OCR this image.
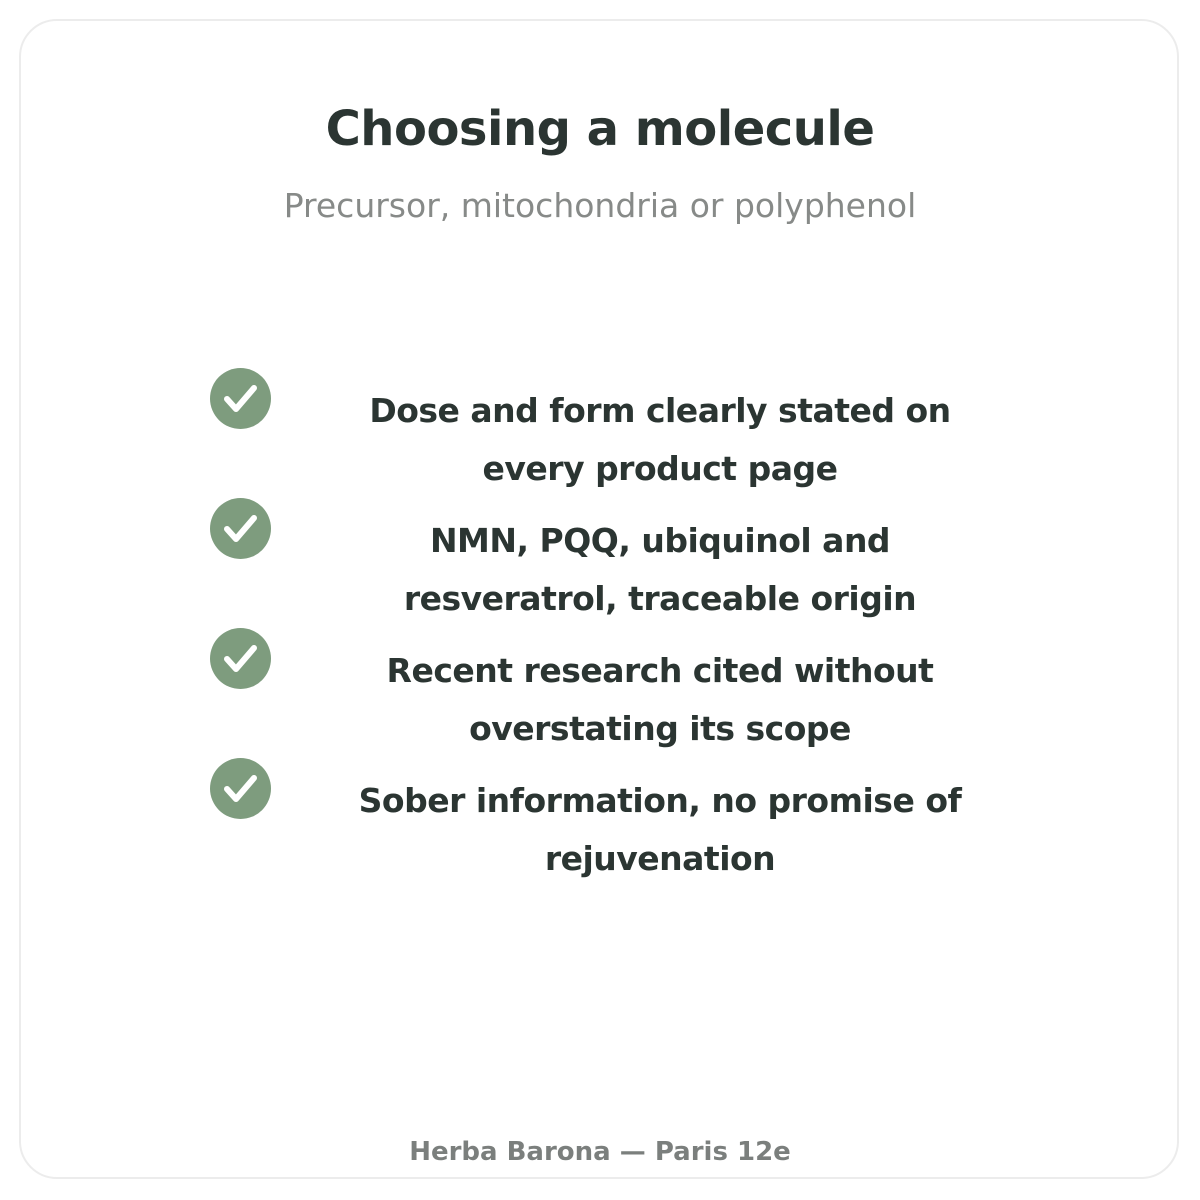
Choosing a molecule

Precursor, mitochondria or polyphenol

Dose and form clearly stated on every product page
NMN, PQQ, ubiquinol and resveratrol, traceable origin
Recent research cited without overstating its scope
Sober information, no promise of rejuvenation

Herba Barona — Paris 12e
